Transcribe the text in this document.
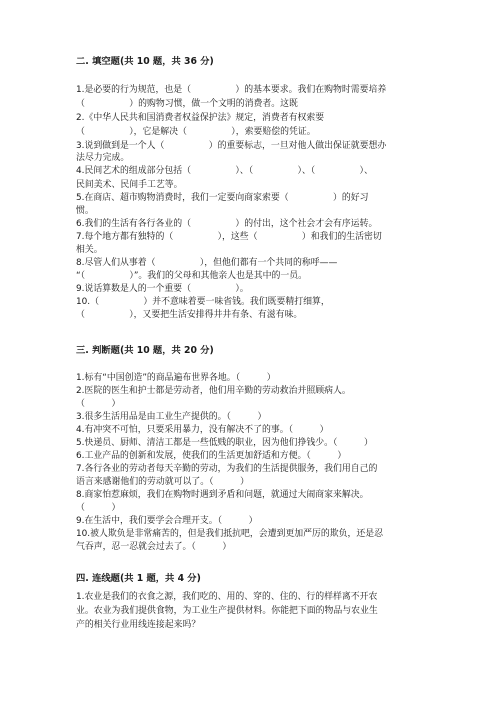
二. 填空题(共 10 题，共 36 分)
1.是必要的行为规范，也是（　　　　　）的基本要求。我们在购物时需要培养
（　　　　　）的购物习惯，做一个文明的消费者。这既
2.《中华人民共和国消费者权益保护法》规定，消费者有权索要
（　　　　　），它是解决（　　　　　），索要赔偿的凭证。
3.说到做到是一个人（　　　　　）的重要标志，一旦对他人做出保证就要想办
法尽力完成。
4.民间艺术的组成部分包括（　　　　　）、（　　　　　）、（　　　　　）、
民间美术、民间手工艺等。
5.在商店、超市购物消费时，我们一定要向商家索要（　　　　　）的好习
惯。
6.我们的生活有各行各业的（　　　　　）的付出，这个社会才会有序运转。
7.每个地方都有独特的（　　　　　），这些（　　　　　）和我们的生活密切
相关。
8.尽管人们从事着（　　　　　），但他们都有一个共同的称呼——
“（　　　　　）”。我们的父母和其他亲人也是其中的一员。
9.说话算数是人的一个重要（　　　　　）。
10.（　　　　　）并不意味着要一味省钱。我们既要精打细算，
（　　　　　），又要把生活安排得井井有条、有滋有味。
三. 判断题(共 10 题，共 20 分)
1.标有“中国创造”的商品遍布世界各地。（　　　）
2.医院的医生和护士都是劳动者，他们用辛勤的劳动救治并照顾病人。
（　　　）
3.很多生活用品是由工业生产提供的。（　　　）
4.有冲突不可怕，只要采用暴力，没有解决不了的事。（　　　）
5.快递员、厨师、清洁工都是一些低贱的职业，因为他们挣钱少。（　　　）
6.工业产品的创新和发展，使我们的生活更加舒适和方便。（　　　）
7.各行各业的劳动者每天辛勤的劳动，为我们的生活提供服务，我们用自己的
语言来感谢他们的劳动就可以了。（　　　）
8.商家怕惹麻烦，我们在购物时遇到矛盾和问题，就通过大闹商家来解决。
（　　　）
9.在生活中，我们要学会合理开支。（　　　）
10.被人欺负是非常痛苦的，但是我们抵抗吧，会遭到更加严厉的欺负，还是忍
气吞声，忍一忍就会过去了。（　　　）
四. 连线题(共 1 题，共 4 分)
1.农业是我们的衣食之源，我们吃的、用的、穿的、住的、行的样样离不开农
业。农业为我们提供食物，为工业生产提供材料。你能把下面的物品与农业生
产的相关行业用线连接起来吗？
